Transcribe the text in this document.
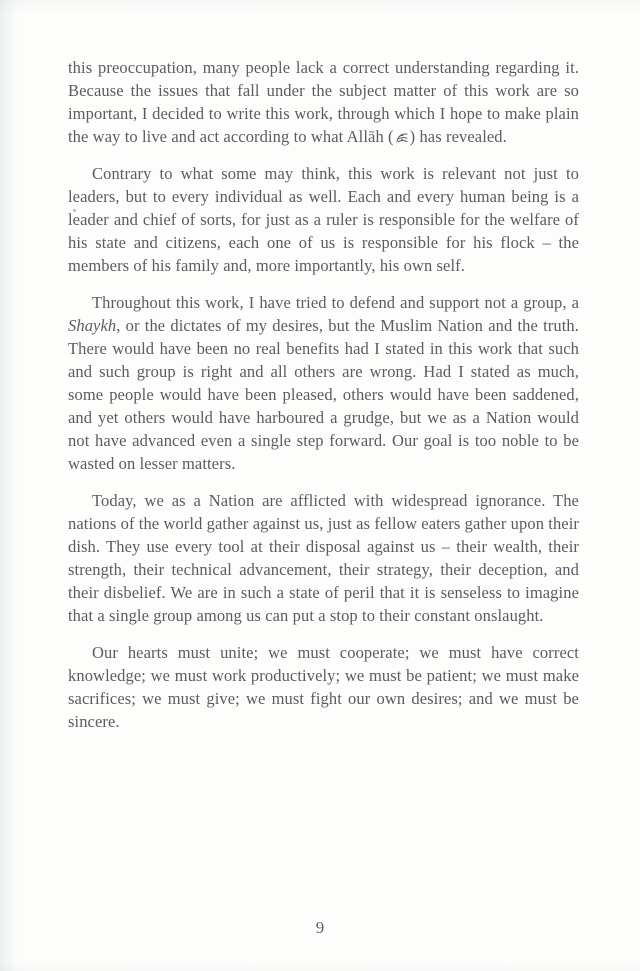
this preoccupation, many people lack a correct understanding regarding it. Because the issues that fall under the subject matter of this work are so important, I decided to write this work, through which I hope to make plain the way to live and act according to what Allāh ( ) has revealed.

Contrary to what some may think, this work is relevant not just to leaders, but to every individual as well. Each and every human being is a leader and chief of sorts, for just as a ruler is responsible for the welfare of his state and citizens, each one of us is responsible for his flock – the members of his family and, more importantly, his own self.

Throughout this work, I have tried to defend and support not a group, a Shaykh, or the dictates of my desires, but the Muslim Nation and the truth. There would have been no real benefits had I stated in this work that such and such group is right and all others are wrong. Had I stated as much, some people would have been pleased, others would have been saddened, and yet others would have harboured a grudge, but we as a Nation would not have advanced even a single step forward. Our goal is too noble to be wasted on lesser matters.

Today, we as a Nation are afflicted with widespread ignorance. The nations of the world gather against us, just as fellow eaters gather upon their dish. They use every tool at their disposal against us – their wealth, their strength, their technical advancement, their strategy, their deception, and their disbelief. We are in such a state of peril that it is senseless to imagine that a single group among us can put a stop to their constant onslaught.

Our hearts must unite; we must cooperate; we must have correct knowledge; we must work productively; we must be patient; we must make sacrifices; we must give; we must fight our own desires; and we must be sincere.

9
